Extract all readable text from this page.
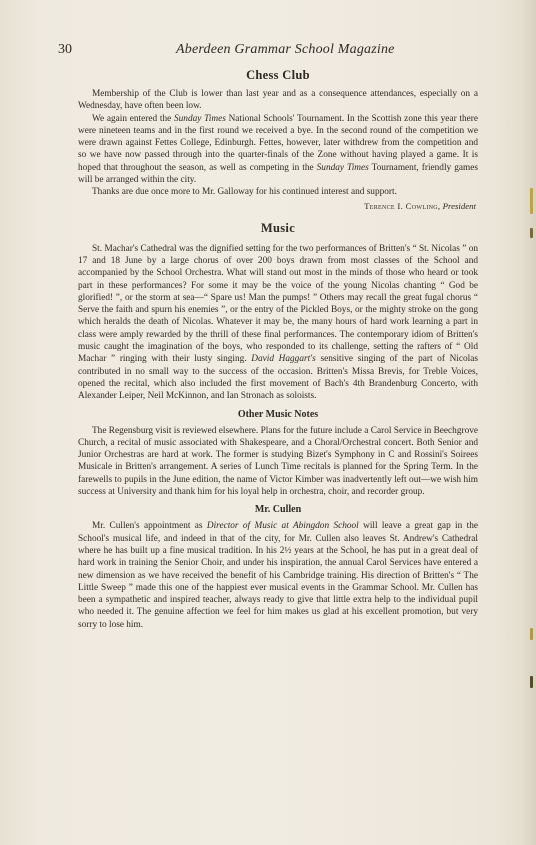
30	Aberdeen Grammar School Magazine
Chess Club

Membership of the Club is lower than last year and as a consequence attendances, especially on a Wednesday, have often been low.

We again entered the Sunday Times National Schools' Tournament. In the Scottish zone this year there were nineteen teams and in the first round we received a bye. In the second round of the competition we were drawn against Fettes College, Edinburgh. Fettes, however, later withdrew from the competition and so we have now passed through into the quarter-finals of the Zone without having played a game. It is hoped that throughout the season, as well as competing in the Sunday Times Tournament, friendly games will be arranged within the city.

Thanks are due once more to Mr. Galloway for his continued interest and support.

Terence I. Cowling, President
Music

St. Machar's Cathedral was the dignified setting for the two performances of Britten's “ St. Nicolas ” on 17 and 18 June by a large chorus of over 200 boys drawn from most classes of the School and accompanied by the School Orchestra. What will stand out most in the minds of those who heard or took part in these performances? For some it may be the voice of the young Nicolas chanting “ God be glorified! ”, or the storm at sea—“ Spare us! Man the pumps! ” Others may recall the great fugal chorus “ Serve the faith and spurn his enemies ”, or the entry of the Pickled Boys, or the mighty stroke on the gong which heralds the death of Nicolas. Whatever it may be, the many hours of hard work learning a part in class were amply rewarded by the thrill of these final performances. The contemporary idiom of Britten's music caught the imagination of the boys, who responded to its challenge, setting the rafters of “ Old Machar ” ringing with their lusty singing. David Haggart's sensitive singing of the part of Nicolas contributed in no small way to the success of the occasion. Britten's Missa Brevis, for Treble Voices, opened the recital, which also included the first movement of Bach's 4th Brandenburg Concerto, with Alexander Leiper, Neil McKinnon, and Ian Stronach as soloists.

Other Music Notes

The Regensburg visit is reviewed elsewhere. Plans for the future include a Carol Service in Beechgrove Church, a recital of music associated with Shakespeare, and a Choral/Orchestral concert. Both Senior and Junior Orchestras are hard at work. The former is studying Bizet's Symphony in C and Rossini's Soirees Musicale in Britten's arrangement. A series of Lunch Time recitals is planned for the Spring Term. In the farewells to pupils in the June edition, the name of Victor Kimber was inadvertently left out—we wish him success at University and thank him for his loyal help in orchestra, choir, and recorder group.

Mr. Cullen

Mr. Cullen's appointment as Director of Music at Abingdon School will leave a great gap in the School's musical life, and indeed in that of the city, for Mr. Cullen also leaves St. Andrew's Cathedral where he has built up a fine musical tradition. In his 2½ years at the School, he has put in a great deal of hard work in training the Senior Choir, and under his inspiration, the annual Carol Services have entered a new dimension as we have received the benefit of his Cambridge training. His direction of Britten's “ The Little Sweep ” made this one of the happiest ever musical events in the Grammar School. Mr. Cullen has been a sympathetic and inspired teacher, always ready to give that little extra help to the individual pupil who needed it. The genuine affection we feel for him makes us glad at his excellent promotion, but very sorry to lose him.
